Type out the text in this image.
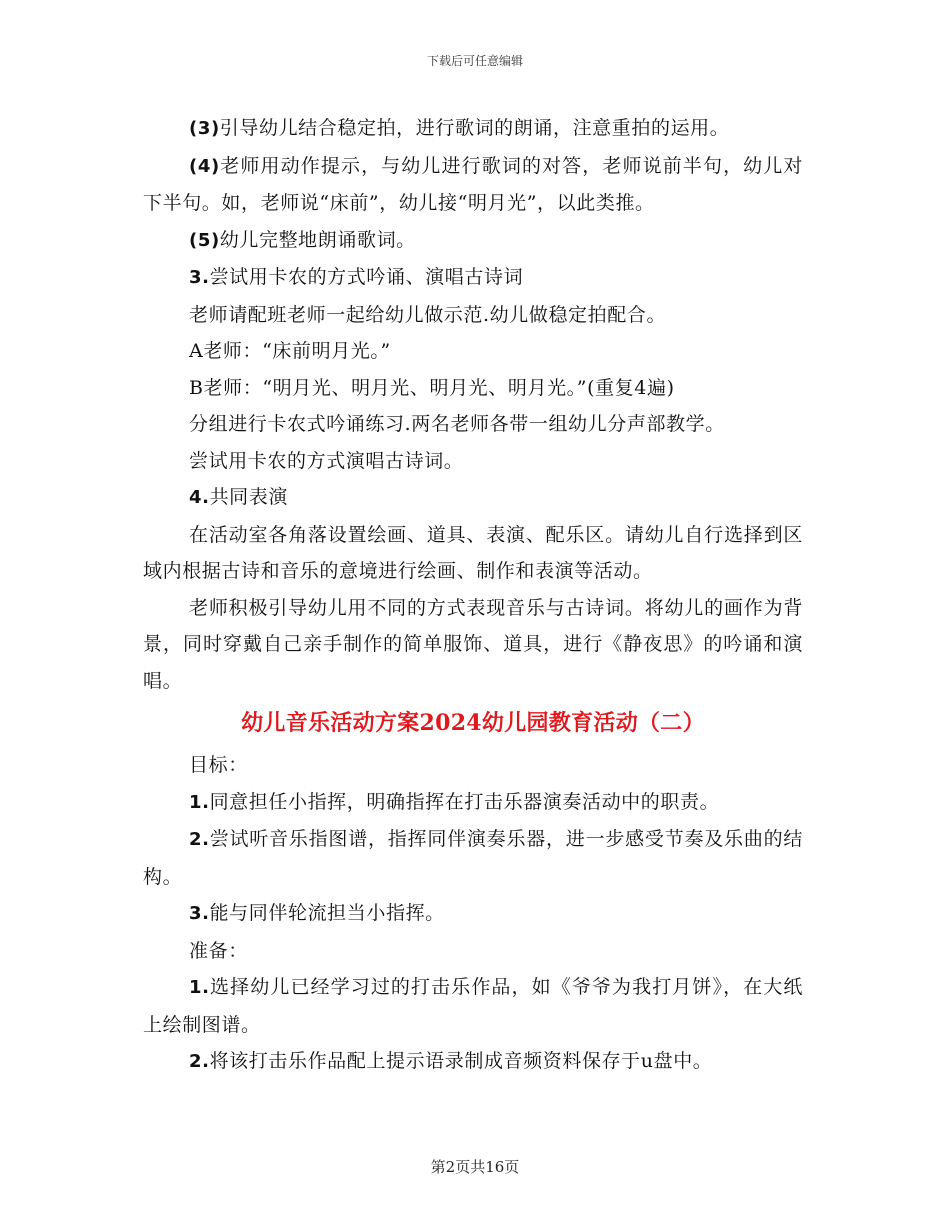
下载后可任意编辑

(3)引导幼儿结合稳定拍，进行歌词的朗诵，注意重拍的运用。

(4)老师用动作提示，与幼儿进行歌词的对答，老师说前半句，幼儿对下半句。如，老师说“床前”，幼儿接“明月光”，以此类推。

(5)幼儿完整地朗诵歌词。

3.尝试用卡农的方式吟诵、演唱古诗词

老师请配班老师一起给幼儿做示范.幼儿做稳定拍配合。

A老师：“床前明月光。”

B老师：“明月光、明月光、明月光、明月光。”(重复4遍)

分组进行卡农式吟诵练习.两名老师各带一组幼儿分声部教学。

尝试用卡农的方式演唱古诗词。

4.共同表演

在活动室各角落设置绘画、道具、表演、配乐区。请幼儿自行选择到区域内根据古诗和音乐的意境进行绘画、制作和表演等活动。

老师积极引导幼儿用不同的方式表现音乐与古诗词。将幼儿的画作为背景，同时穿戴自己亲手制作的简单服饰、道具，进行《静夜思》的吟诵和演唱。

幼儿音乐活动方案2024幼儿园教育活动（二）

目标：

1.同意担任小指挥，明确指挥在打击乐器演奏活动中的职责。

2.尝试听音乐指图谱，指挥同伴演奏乐器，进一步感受节奏及乐曲的结构。

3.能与同伴轮流担当小指挥。

准备：

1.选择幼儿已经学习过的打击乐作品，如《爷爷为我打月饼》，在大纸上绘制图谱。

2.将该打击乐作品配上提示语录制成音频资料保存于u盘中。

第2页共16页
